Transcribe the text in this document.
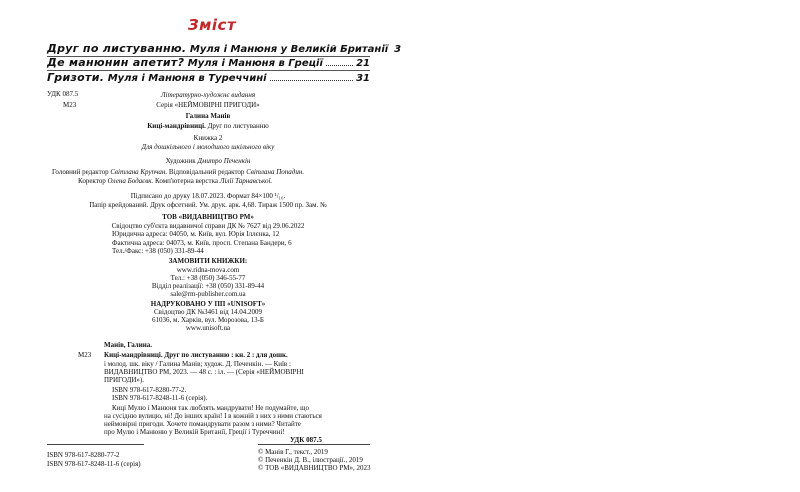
Зміст
Друг по листуванню. Муля і Манюня у Великій Британії 3
Де манюнин апетит? Муля і Манюня в Греції	21
Гризоти. Муля і Манюня в Туреччині	31
УДК 087.5
М23
Літературно-художнє видання
Серія «НЕЙМОВІРНІ ПРИГОДИ»
Галина Манів
Киці-мандрівниці. Друг по листуванню
Книжка 2
Для дошкільного і молодшого шкільного віку
Художник Дмитро Печенкін
Головний редактор Світлана Крупчан. Відповідальний редактор Світлана Попадин.
Коректор Олена Бодаєвк. Комп'ютерна верстка Лілії Тарнавської.
Підписано до друку 18.07.2023. Формат 84×100 ¹/₁₆.
Папір крейдований. Друк офсетний. Ум. друк. арк. 4,68. Тираж 1500 пр. Зам. №
ТОВ «ВИДАВНИЦТВО РМ»
Свідоцтво суб'єкта видавничої справи ДК № 7627 від 29.06.2022
Юридична адреса: 04050, м. Київ, вул. Юрія Іллєнка, 12
Фактична адреса: 04073, м. Київ, просп. Степана Бандери, 6
Тел./Факс: +38 (050) 331-89-44
ЗАМОВИТИ КНИЖКИ:
www.ridna-mova.com
Тел.: +38 (050) 346-55-77
Відділ реалізації: +38 (050) 331-89-44
sale@rm-publisher.com.ua
НАДРУКОВАНО У ПП «UNISOFT»
Свідоцтво ДК №3461 від 14.04.2009
61036, м. Харків, вул. Морозова, 13-Б
www.unisoft.ua
Манів, Галина.
М23 Киці-мандрівниці. Друг по листуванню : кн. 2 : для дошк.
і молод. шк. віку / Галина Манів; худож. Д. Печенкін. — Київ :
ВИДАВНИЦТВО РМ, 2023. — 48 с. : іл. — (Серія «НЕЙМОВІРНІ
ПРИГОДИ»).
ISBN 978-617-8280-77-2.
ISBN 978-617-8248-11-6 (серія).
Киці Мулю і Манюня так люблять мандрувати! Не подумайте, що
на сусідню вулицю, ні! До інших країн! І в кожній з них з ними стаються
неймовірні пригоди. Хочете помандрувати разом з ними? Читайте
про Мулю і Манюню у Великій Британії, Греції і Туреччині!
УДК 087.5
ISBN 978-617-8280-77-2
ISBN 978-617-8248-11-6 (серія)
© Манів Г., текст., 2019
© Печенкін Д. В., ілюстрації., 2019
© ТОВ «ВИДАВНИЦТВО РМ», 2023
